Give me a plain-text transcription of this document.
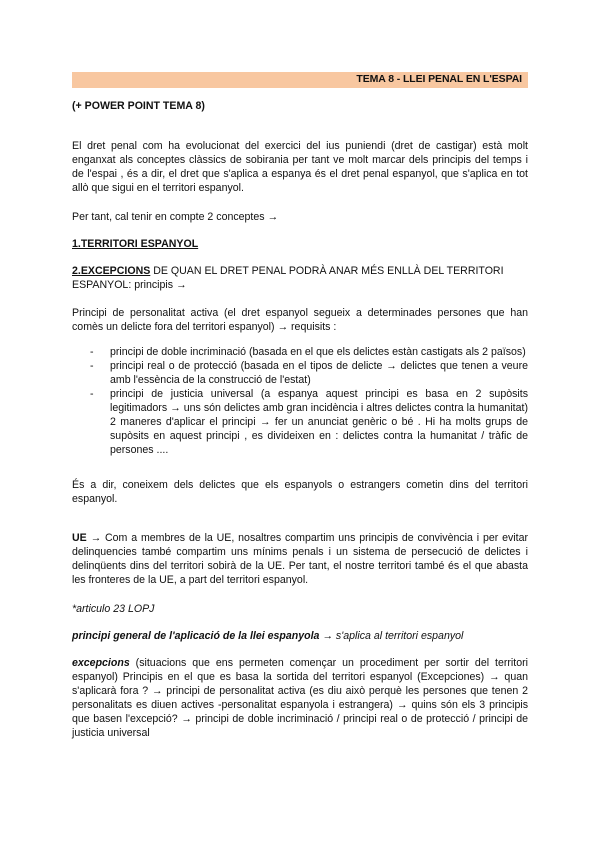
TEMA 8 - LLEI PENAL EN L'ESPAI
(+ POWER POINT TEMA 8)
El dret penal com ha evolucionat del exercici del ius puniendi (dret de castigar) està molt enganxat als conceptes clàssics de sobirania per tant ve molt marcar dels principis del temps i de l'espai , és a dir, el dret que s'aplica a espanya és el dret penal espanyol, que s'aplica en tot allò que sigui en el territori espanyol.
Per tant, cal tenir en compte 2 conceptes →
1.TERRITORI ESPANYOL
2.EXCEPCIONS DE QUAN EL DRET PENAL PODRÀ ANAR MÉS ENLLÀ DEL TERRITORI ESPANYOL: principis →
Principi de personalitat activa (el dret espanyol segueix a determinades persones que han comès un delicte fora del territori espanyol) → requisits :
- principi de doble incriminació (basada en el que els delictes estàn castigats als 2 països)
- principi real o de protecció (basada en el tipos de delicte → delictes que tenen a veure amb l'essència de la construcció de l'estat)
- principi de justicia universal (a espanya aquest principi es basa en 2 supòsits legitimadors → uns són delictes amb gran incidència i altres delictes contra la humanitat) 2 maneres d'aplicar el principi → fer un anunciat genèric o bé . Hi ha molts grups de supòsits en aquest principi , es divideixen en : delictes contra la humanitat / tràfic de persones ....
És a dir, coneixem dels delictes que els espanyols o estrangers cometin dins del territori espanyol.
UE → Com a membres de la UE, nosaltres compartim uns principis de convivència i per evitar delinquencies també compartim uns mínims penals i un sistema de persecució de delictes i delinqüents dins del territori sobirà de la UE. Per tant, el nostre territori també és el que abasta les fronteres de la UE, a part del territori espanyol.
*articulo 23 LOPJ
principi general de l'aplicació de la llei espanyola → s'aplica al territori espanyol
excepcions (situacions que ens permeten començar un procediment per sortir del territori espanyol) Principis en el que es basa la sortida del territori espanyol (Excepciones) → quan s'aplicarà fora ? → principi de personalitat activa (es diu això perquè les persones que tenen 2 personalitats es diuen actives -personalitat espanyola i estrangera) → quins són els 3 principis que basen l'excepció? → principi de doble incriminació / principi real o de protecció / principi de justicia universal
